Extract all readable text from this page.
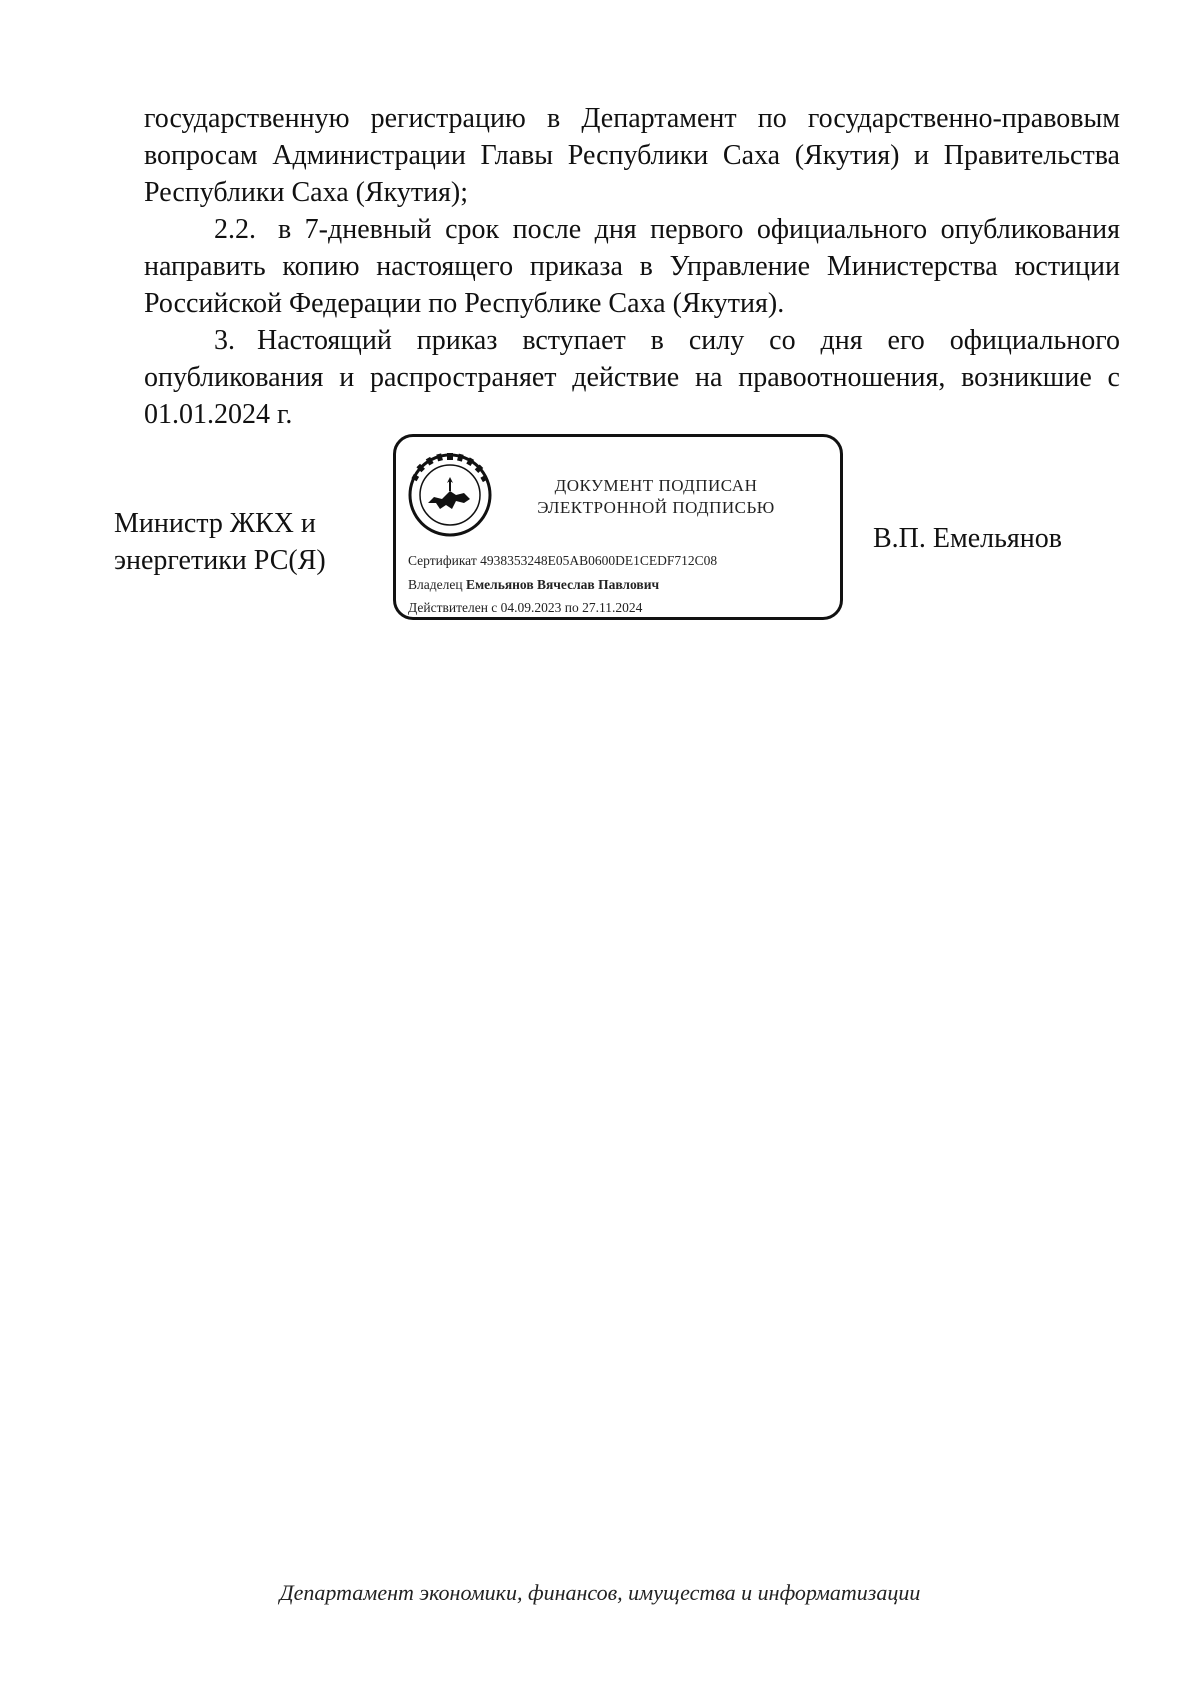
государственную регистрацию в Департамент по государственно-правовым вопросам Администрации Главы Республики Саха (Якутия) и Правительства Республики Саха (Якутия);

2.2. в 7-дневный срок после дня первого официального опубликования направить копию настоящего приказа в Управление Министерства юстиции Российской Федерации по Республике Саха (Якутия).

3. Настоящий приказ вступает в силу со дня его официального опубликования и распространяет действие на правоотношения, возникшие с 01.01.2024 г.

Министр ЖКХ и
энергетики РС(Я)
ДОКУМЕНТ ПОДПИСАН
ЭЛЕКТРОННОЙ ПОДПИСЬЮ
Сертификат 4938353248E05AB0600DE1CEDF712C08
Владелец Емельянов Вячеслав Павлович
Действителен с 04.09.2023 по 27.11.2024
В.П. Емельянов
Департамент экономики, финансов, имущества и информатизации
